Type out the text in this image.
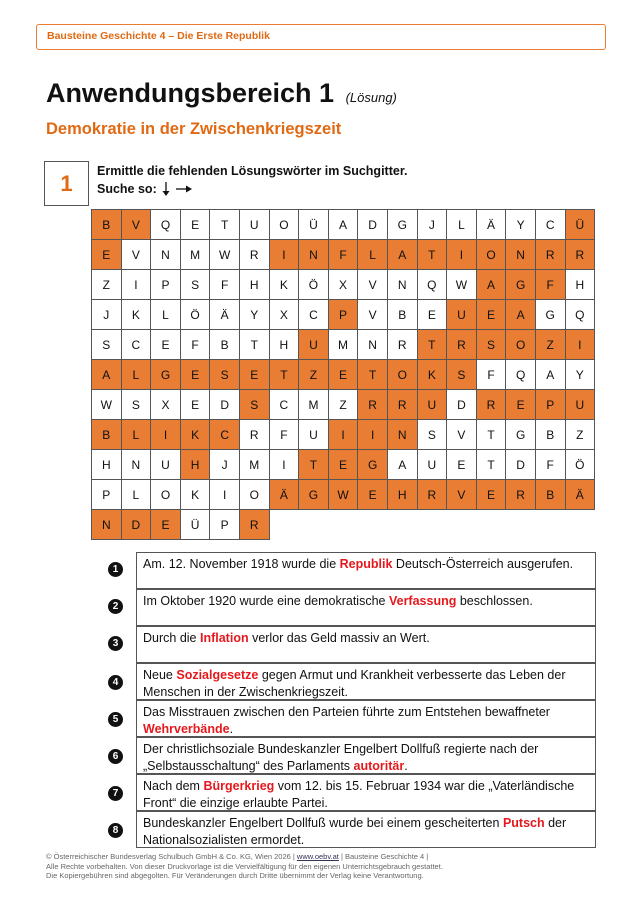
Bausteine Geschichte 4 – Die Erste Republik
Anwendungsbereich 1 (Lösung)
Demokratie in der Zwischenkriegszeit
1	Ermittle die fehlenden Lösungswörter im Suchgitter.
Suche so:
B	V	Q	E	T	U	O	Ü	A	D	G	J	L	Ä	Y	C	Ü
E	V	N	M	W	R	I	N	F	L	A	T	I	O	N	R	R
Z	I	P	S	F	H	K	Ö	X	V	N	Q	W	A	G	F	H
J	K	L	Ö	Ä	Y	X	C	P	V	B	E	U	E	A	G	Q
S	C	E	F	B	T	H	U	M	N	R	T	R	S	O	Z	I
A	L	G	E	S	E	T	Z	E	T	O	K	S	F	Q	A	Y
W	S	X	E	D	S	C	M	Z	R	R	U	D	R	E	P	U
B	L	I	K	C	R	F	U	I	I	N	S	V	T	G	B	Z
H	N	U	H	J	M	I	T	E	G	A	U	E	T	D	F	Ö
P	L	O	K	I	O	Ä	G	W	E	H	R	V	E	R	B	Ä
N	D	E	Ü	P	R
1	Am. 12. November 1918 wurde die Republik Deutsch-Österreich ausgerufen.
2	Im Oktober 1920 wurde eine demokratische Verfassung beschlossen.
3	Durch die Inflation verlor das Geld massiv an Wert.
4
Neue Sozialgesetze gegen Armut und Krankheit verbesserte das Leben der Menschen in der Zwischenkriegszeit.
5
Das Misstrauen zwischen den Parteien führte zum Entstehen bewaffneter Wehrverbände.
6
Der christlichsoziale Bundeskanzler Engelbert Dollfuß regierte nach der „Selbstausschaltung“ des Parlaments autoritär.
7
Nach dem Bürgerkrieg vom 12. bis 15. Februar 1934 war die „Vaterländische Front“ die einzige erlaubte Partei.
8
Bundeskanzler Engelbert Dollfuß wurde bei einem gescheiterten Putsch der Nationalsozialisten ermordet.
© Österreichischer Bundesverlag Schulbuch GmbH & Co. KG, Wien 2026 | www.oebv.at | Bausteine Geschichte 4 |
Alle Rechte vorbehalten. Von dieser Druckvorlage ist die Vervielfältigung für den eigenen Unterrichtsgebrauch gestattet.
Die Kopiergebühren sind abgegolten. Für Veränderungen durch Dritte übernimmt der Verlag keine Verantwortung.
